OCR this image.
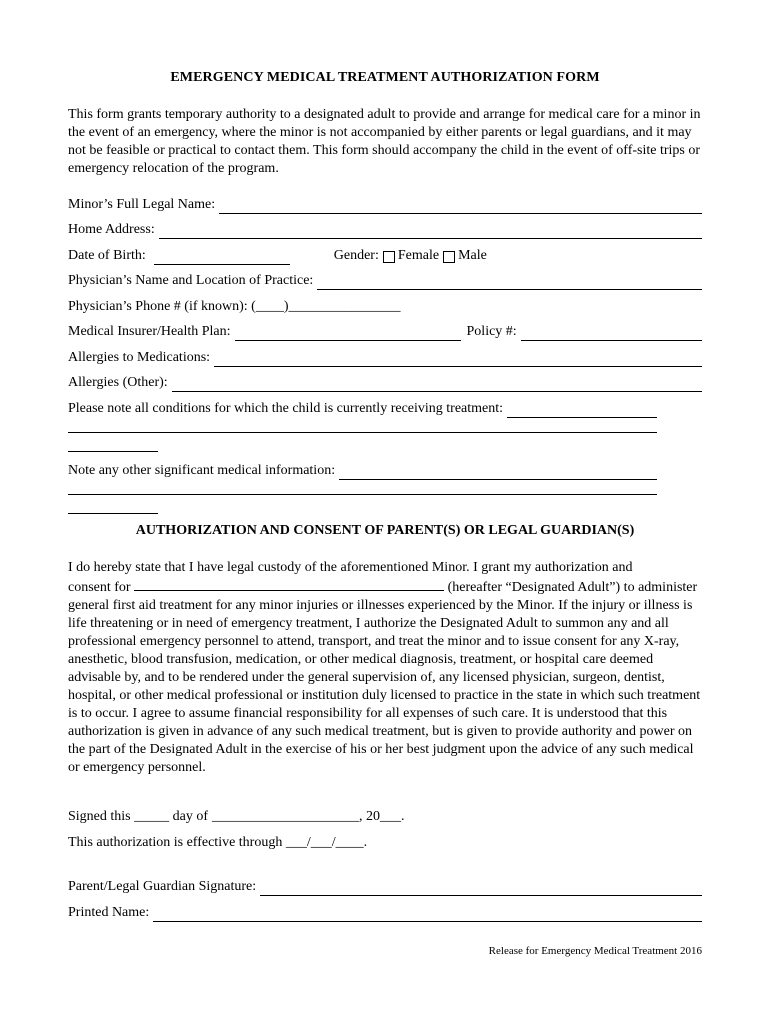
EMERGENCY MEDICAL TREATMENT AUTHORIZATION FORM
This form grants temporary authority to a designated adult to provide and arrange for medical care for a minor in the event of an emergency, where the minor is not accompanied by either parents or legal guardians, and it may not be feasible or practical to contact them. This form should accompany the child in the event of off-site trips or emergency relocation of the program.
Minor’s Full Legal Name:
Home Address:
Date of Birth:	Gender: Female Male
Physician’s Name and Location of Practice:
Physician’s Phone # (if known): (____)________________
Medical Insurer/Health Plan:	Policy #:
Allergies to Medications:
Allergies (Other):
Please note all conditions for which the child is currently receiving treatment:
Note any other significant medical information:
AUTHORIZATION AND CONSENT OF PARENT(S) OR LEGAL GUARDIAN(S)
I do hereby state that I have legal custody of the aforementioned Minor. I grant my authorization and
consent for	(hereafter “Designated Adult”) to administer general first aid treatment for any minor injuries or illnesses experienced by the Minor. If the injury or illness is life threatening or in need of emergency treatment, I authorize the Designated Adult to summon any and all professional emergency personnel to attend, transport, and treat the minor and to issue consent for any X-ray, anesthetic, blood transfusion, medication, or other medical diagnosis, treatment, or hospital care deemed advisable by, and to be rendered under the general supervision of, any licensed physician, surgeon, dentist, hospital, or other medical professional or institution duly licensed to practice in the state in which such treatment is to occur. I agree to assume financial responsibility for all expenses of such care. It is understood that this authorization is given in advance of any such medical treatment, but is given to provide authority and power on the part of the Designated Adult in the exercise of his or her best judgment upon the advice of any such medical or emergency personnel.
Signed this _____ day of _____________________, 20___.
This authorization is effective through ___/___/____.
Parent/Legal Guardian Signature:
Printed Name:
Release for Emergency Medical Treatment 2016
